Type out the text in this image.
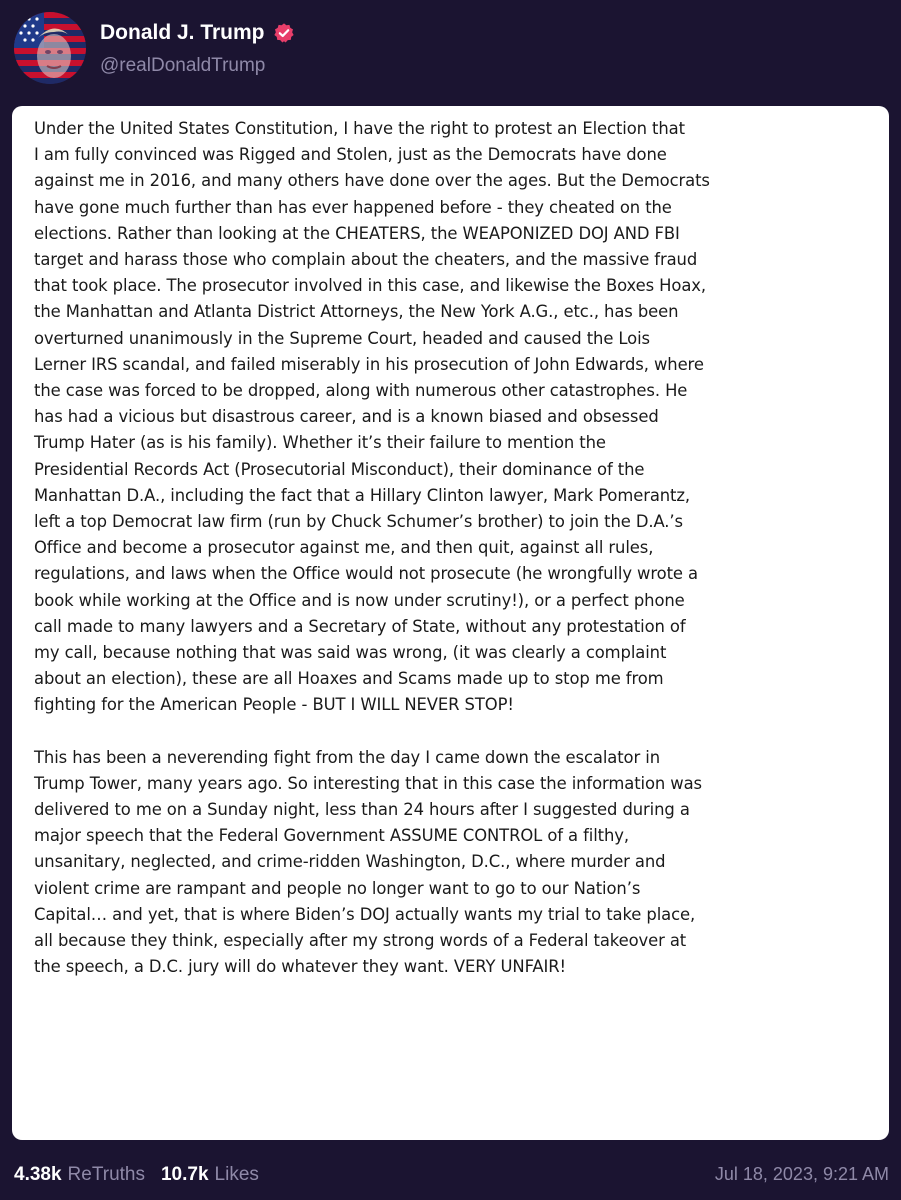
Donald J. Trump
@realDonaldTrump

Under the United States Constitution, I have the right to protest an Election that

I am fully convinced was Rigged and Stolen, just as the Democrats have done

against me in 2016, and many others have done over the ages. But the Democrats

have gone much further than has ever happened before - they cheated on the

elections. Rather than looking at the CHEATERS, the WEAPONIZED DOJ AND FBI

target and harass those who complain about the cheaters, and the massive fraud

that took place. The prosecutor involved in this case, and likewise the Boxes Hoax,

the Manhattan and Atlanta District Attorneys, the New York A.G., etc., has been

overturned unanimously in the Supreme Court, headed and caused the Lois

Lerner IRS scandal, and failed miserably in his prosecution of John Edwards, where

the case was forced to be dropped, along with numerous other catastrophes. He

has had a vicious but disastrous career, and is a known biased and obsessed

Trump Hater (as is his family). Whether it’s their failure to mention the

Presidential Records Act (Prosecutorial Misconduct), their dominance of the

Manhattan D.A., including the fact that a Hillary Clinton lawyer, Mark Pomerantz,

left a top Democrat law firm (run by Chuck Schumer’s brother) to join the D.A.’s

Office and become a prosecutor against me, and then quit, against all rules,

regulations, and laws when the Office would not prosecute (he wrongfully wrote a

book while working at the Office and is now under scrutiny!), or a perfect phone

call made to many lawyers and a Secretary of State, without any protestation of

my call, because nothing that was said was wrong, (it was clearly a complaint

about an election), these are all Hoaxes and Scams made up to stop me from

fighting for the American People - BUT I WILL NEVER STOP!

This has been a neverending fight from the day I came down the escalator in

Trump Tower, many years ago. So interesting that in this case the information was

delivered to me on a Sunday night, less than 24 hours after I suggested during a

major speech that the Federal Government ASSUME CONTROL of a filthy,

unsanitary, neglected, and crime-ridden Washington, D.C., where murder and

violent crime are rampant and people no longer want to go to our Nation’s

Capital… and yet, that is where Biden’s DOJ actually wants my trial to take place,

all because they think, especially after my strong words of a Federal takeover at

the speech, a D.C. jury will do whatever they want. VERY UNFAIR!

4.38k ReTruths 10.7k Likes	Jul 18, 2023, 9:21 AM
